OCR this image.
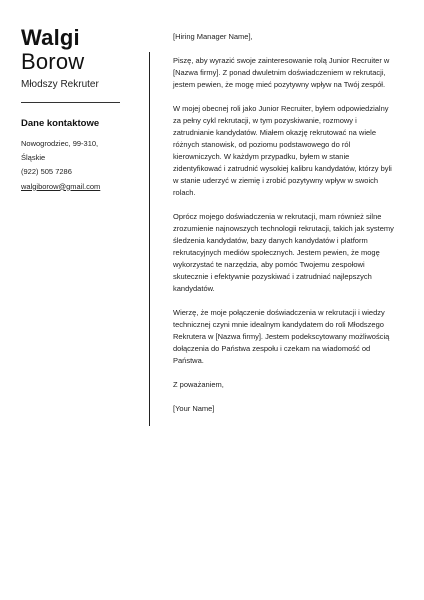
Walgi
Borow
Młodszy Rekruter
Dane kontaktowe
Nowogrodziec, 99-310,
Śląskie
(922) 505 7286
walgiborow@gmail.com

[Hiring Manager Name],

Piszę, aby wyrazić swoje zainteresowanie rolą Junior Recruiter w [Nazwa firmy]. Z ponad dwuletnim doświadczeniem w rekrutacji, jestem pewien, że mogę mieć pozytywny wpływ na Twój zespół.

W mojej obecnej roli jako Junior Recruiter, byłem odpowiedzialny za pełny cykl rekrutacji, w tym pozyskiwanie, rozmowy i zatrudnianie kandydatów. Miałem okazję rekrutować na wiele różnych stanowisk, od poziomu podstawowego do ról kierowniczych. W każdym przypadku, byłem w stanie zidentyfikować i zatrudnić wysokiej kalibru kandydatów, którzy byli w stanie uderzyć w ziemię i zrobić pozytywny wpływ w swoich rolach.

Oprócz mojego doświadczenia w rekrutacji, mam również silne zrozumienie najnowszych technologii rekrutacji, takich jak systemy śledzenia kandydatów, bazy danych kandydatów i platform rekrutacyjnych mediów społecznych. Jestem pewien, że mogę wykorzystać te narzędzia, aby pomóc Twojemu zespołowi skutecznie i efektywnie pozyskiwać i zatrudniać najlepszych kandydatów.

Wierzę, że moje połączenie doświadczenia w rekrutacji i wiedzy technicznej czyni mnie idealnym kandydatem do roli Młodszego Rekrutera w [Nazwa firmy]. Jestem podekscytowany możliwością dołączenia do Państwa zespołu i czekam na wiadomość od Państwa.

Z poważaniem,

[Your Name]
